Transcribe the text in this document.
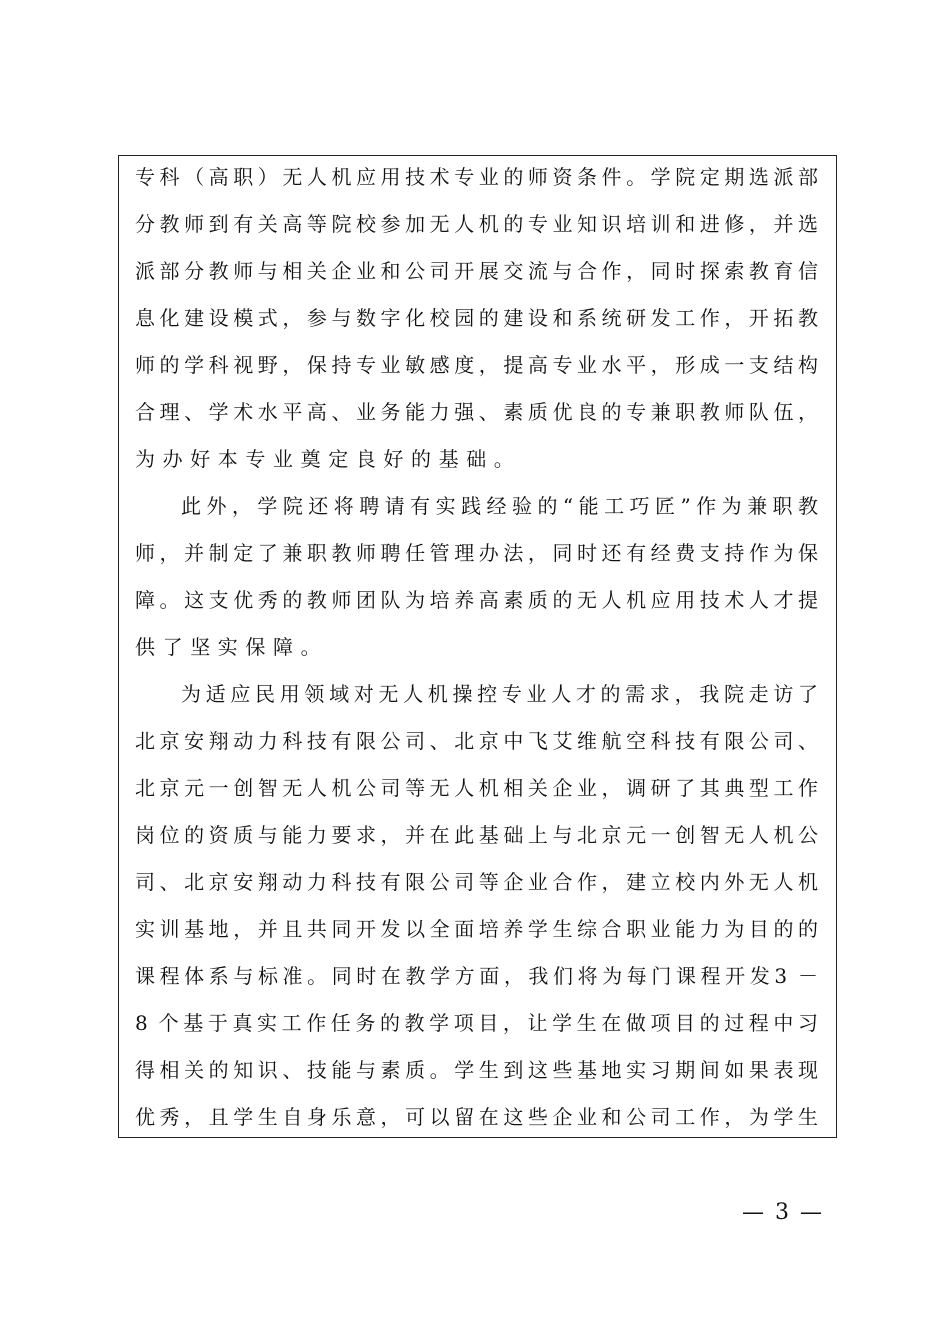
专科（高职）无人机应用技术专业的师资条件。学院定期选派部
分教师到有关高等院校参加无人机的专业知识培训和进修，并选
派部分教师与相关企业和公司开展交流与合作，同时探索教育信
息化建设模式，参与数字化校园的建设和系统研发工作，开拓教
师的学科视野，保持专业敏感度，提高专业水平，形成一支结构
合理、学术水平高、业务能力强、素质优良的专兼职教师队伍，
为办好本专业奠定良好的基础。
此外，学院还将聘请有实践经验的“能工巧匠”作为兼职教
师，并制定了兼职教师聘任管理办法，同时还有经费支持作为保
障。这支优秀的教师团队为培养高素质的无人机应用技术人才提
供了坚实保障。
为适应民用领域对无人机操控专业人才的需求，我院走访了
北京安翔动力科技有限公司、北京中飞艾维航空科技有限公司、
北京元一创智无人机公司等无人机相关企业，调研了其典型工作
岗位的资质与能力要求，并在此基础上与北京元一创智无人机公
司、北京安翔动力科技有限公司等企业合作，建立校内外无人机
实训基地，并且共同开发以全面培养学生综合职业能力为目的的
课程体系与标准。同时在教学方面，我们将为每门课程开发3 －
8 个基于真实工作任务的教学项目，让学生在做项目的过程中习
得相关的知识、技能与素质。学生到这些基地实习期间如果表现
优秀，且学生自身乐意，可以留在这些企业和公司工作，为学生
— 3 —
